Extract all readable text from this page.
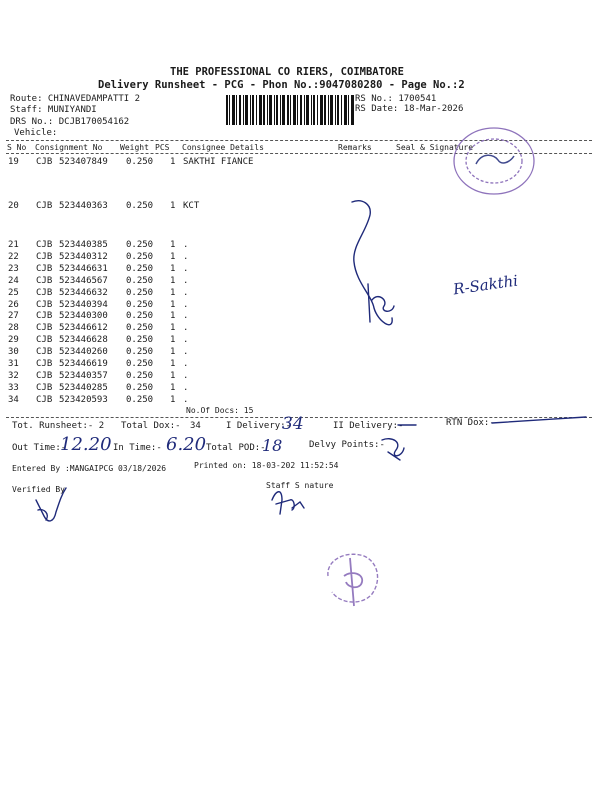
THE PROFESSIONAL CO RIERS, COIMBATORE
Delivery Runsheet - PCG - Phon No.:9047080280 - Page No.:2
Route: CHINAVEDAMPATTI 2
Staff: MUNIYANDI
DRS No.: DCJB170054162
Vehicle:
RS No.: 1700541
RS Date: 18-Mar-2026
S No Consignment No Weight PCS Consignee Details	Remarks	Seal & Signature
19 CJB 523407849 0.250 1 SAKTHI FIANCE
20 CJB 523440363 0.250 1 KCT
21 CJB 523440385 0.250 1 .
22 CJB 523440312 0.250 1 .
23 CJB 523446631 0.250 1 .
24 CJB 523446567 0.250 1 .
25 CJB 523446632 0.250 1 .
26 CJB 523440394 0.250 1 .
27 CJB 523440300 0.250 1 .
28 CJB 523446612 0.250 1 .
29 CJB 523446628 0.250 1 .
30 CJB 523440260 0.250 1 .
31 CJB 523446619 0.250 1 .
32 CJB 523440357 0.250 1 .
33 CJB 523440285 0.250 1 .
34 CJB 523420593 0.250 1 .
No.Of Docs: 15
Tot. Runsheet:- 2 Total Dox:- 34	I Delivery:-	II Delivery:-	RTN Dox:-
Out Time:-	In Time:-	Total POD:-	Delvy Points:-
Entered By :MANGAIPCG 03/18/2026	Printed on: 18-03-202 11:52:54
Verified By	Staff S nature
34
12.20	6.20	18
R-Sakthi
